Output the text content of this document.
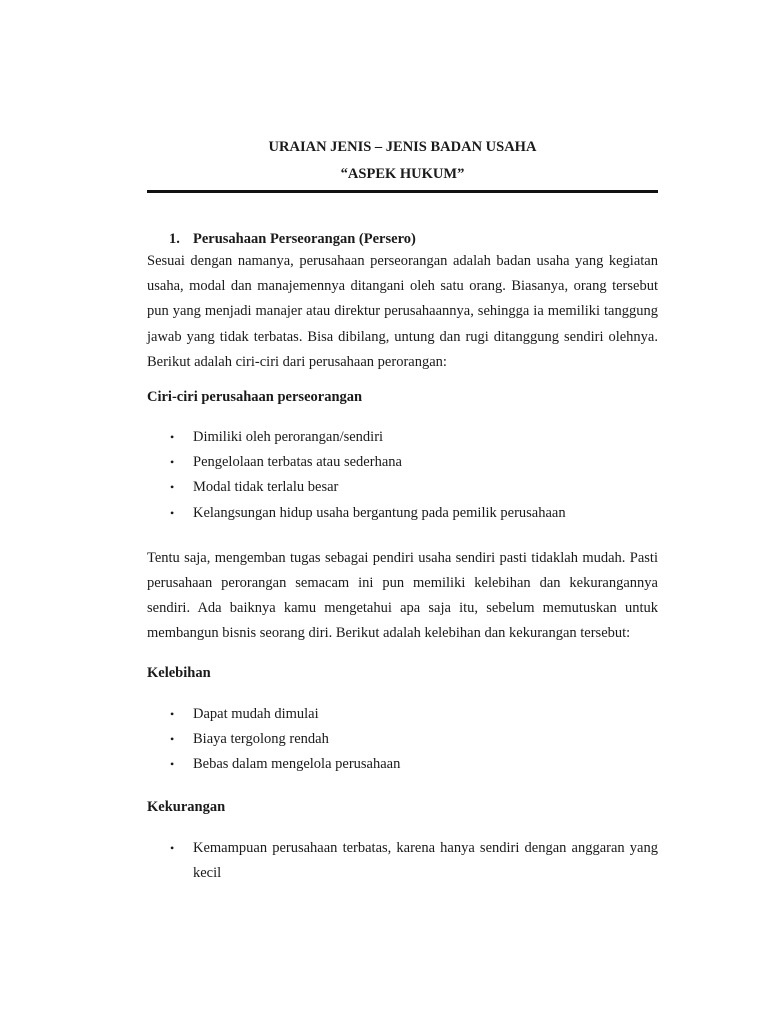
URAIAN JENIS – JENIS BADAN USAHA
“ASPEK HUKUM”
1. Perusahaan Perseorangan (Persero)

Sesuai dengan namanya, perusahaan perseorangan adalah badan usaha yang kegiatan usaha, modal dan manajemennya ditangani oleh satu orang. Biasanya, orang tersebut pun yang menjadi manajer atau direktur perusahaannya, sehingga ia memiliki tanggung jawab yang tidak terbatas. Bisa dibilang, untung dan rugi ditanggung sendiri olehnya. Berikut adalah ciri-ciri dari perusahaan perorangan:

Ciri-ciri perusahaan perseorangan

• Dimiliki oleh perorangan/sendiri
• Pengelolaan terbatas atau sederhana
• Modal tidak terlalu besar
• Kelangsungan hidup usaha bergantung pada pemilik perusahaan

Tentu saja, mengemban tugas sebagai pendiri usaha sendiri pasti tidaklah mudah. Pasti perusahaan perorangan semacam ini pun memiliki kelebihan dan kekurangannya sendiri. Ada baiknya kamu mengetahui apa saja itu, sebelum memutuskan untuk membangun bisnis seorang diri. Berikut adalah kelebihan dan kekurangan tersebut:

Kelebihan

• Dapat mudah dimulai
• Biaya tergolong rendah
• Bebas dalam mengelola perusahaan

Kekurangan

• Kemampuan perusahaan terbatas, karena hanya sendiri dengan anggaran yang kecil
